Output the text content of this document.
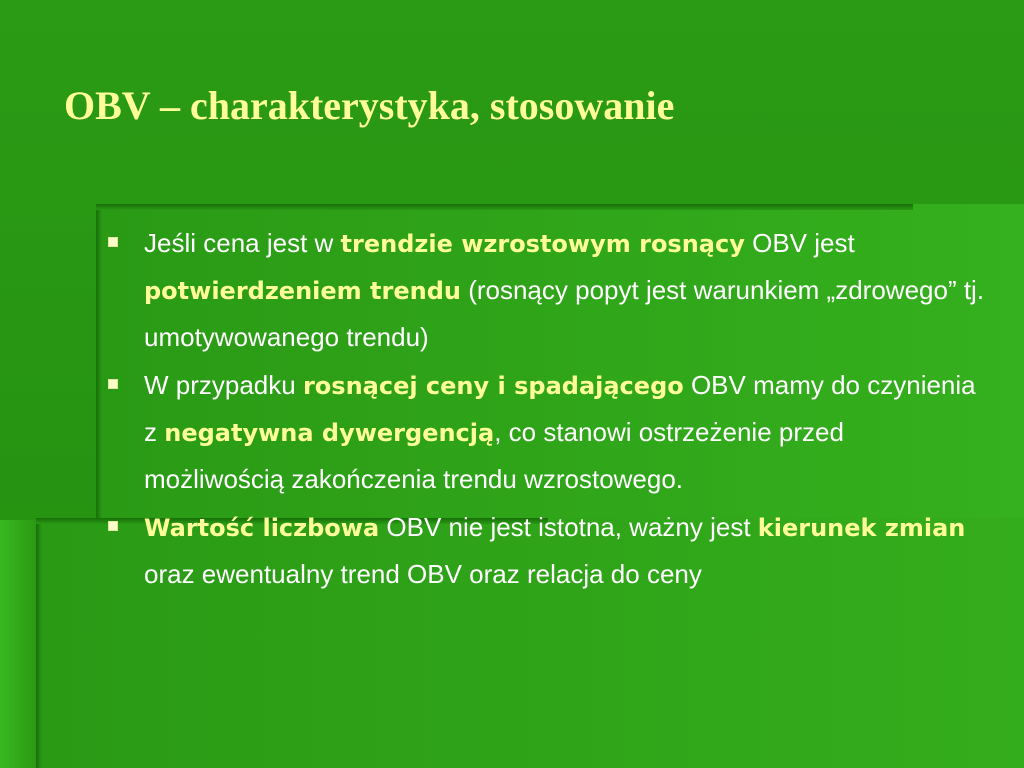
OBV – charakterystyka, stosowanie
Jeśli cena jest w trendzie wzrostowym rosnący OBV jest potwierdzeniem trendu (rosnący popyt jest warunkiem „zdrowego” tj. umotywowanego trendu)
W przypadku rosnącej ceny i spadającego OBV mamy do czynienia z negatywna dywergencją, co stanowi ostrzeżenie przed możliwością zakończenia trendu wzrostowego.
Wartość liczbowa OBV nie jest istotna, ważny jest kierunek zmian oraz ewentualny trend OBV oraz relacja do ceny
